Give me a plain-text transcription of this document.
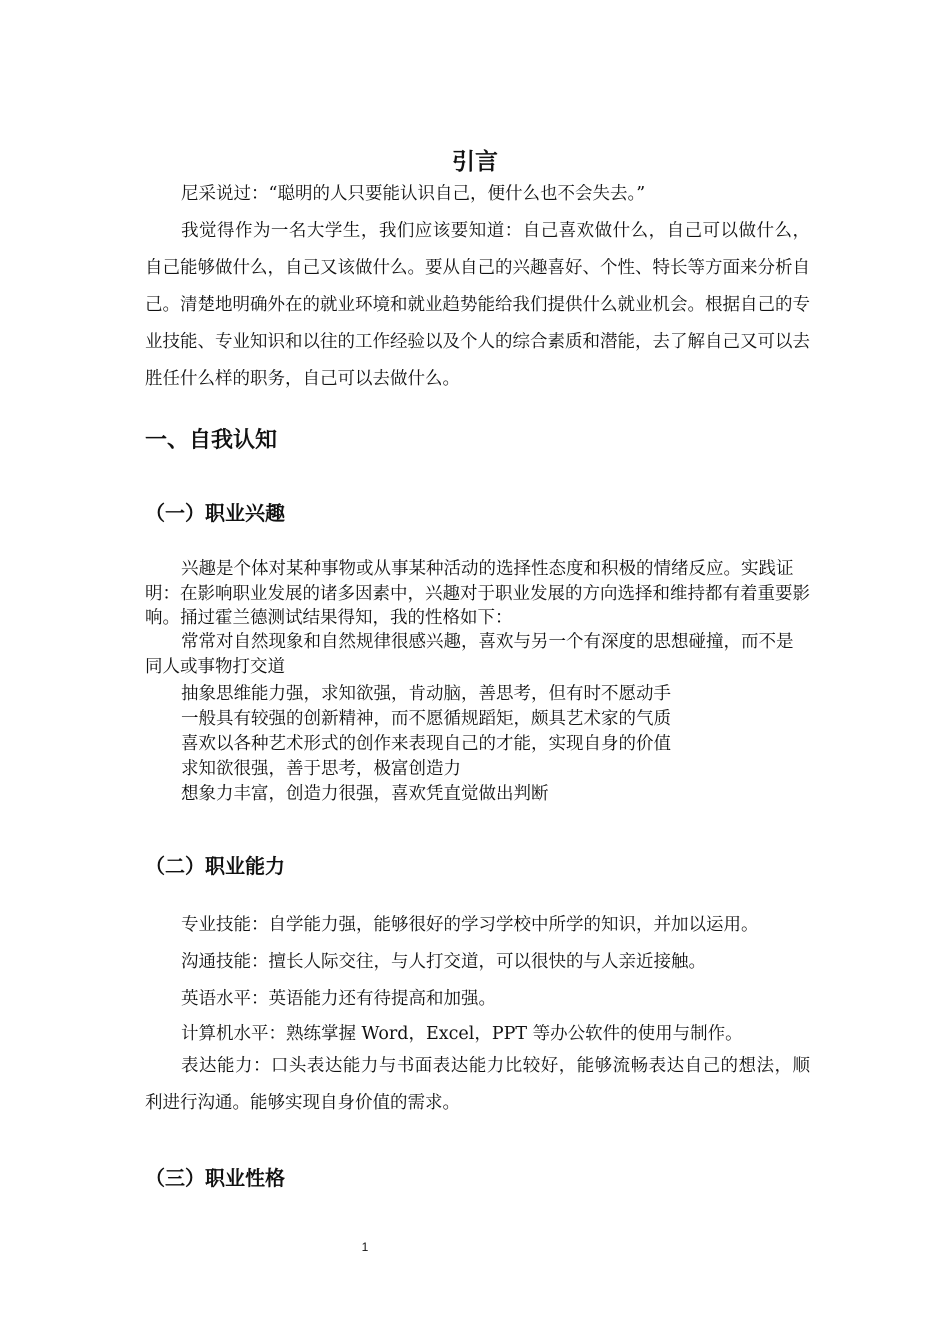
引言

尼采说过：“聪明的人只要能认识自己，便什么也不会失去。”

我觉得作为一名大学生，我们应该要知道：自己喜欢做什么，自己可以做什么，自己能够做什么，自己又该做什么。要从自己的兴趣喜好、个性、特长等方面来分析自己。清楚地明确外在的就业环境和就业趋势能给我们提供什么就业机会。根据自己的专业技能、专业知识和以往的工作经验以及个人的综合素质和潜能，去了解自己又可以去胜任什么样的职务，自己可以去做什么。

一、自我认知
（一）职业兴趣

兴趣是个体对某种事物或从事某种活动的选择性态度和积极的情绪反应。实践证明：在影响职业发展的诸多因素中，兴趣对于职业发展的方向选择和维持都有着重要影响。捅过霍兰德测试结果得知，我的性格如下：

常常对自然现象和自然规律很感兴趣，喜欢与另一个有深度的思想碰撞，而不是同人或事物打交道

抽象思维能力强，求知欲强，肯动脑，善思考，但有时不愿动手

一般具有较强的创新精神，而不愿循规蹈矩，颇具艺术家的气质

喜欢以各种艺术形式的创作来表现自己的才能，实现自身的价值

求知欲很强，善于思考，极富创造力

想象力丰富，创造力很强，喜欢凭直觉做出判断

（二）职业能力

专业技能：自学能力强，能够很好的学习学校中所学的知识，并加以运用。

沟通技能：擅长人际交往，与人打交道，可以很快的与人亲近接触。

英语水平：英语能力还有待提高和加强。

计算机水平：熟练掌握 Word，Excel，PPT 等办公软件的使用与制作。

表达能力：口头表达能力与书面表达能力比较好，能够流畅表达自己的想法，顺利进行沟通。能够实现自身价值的需求。

（三）职业性格
1
